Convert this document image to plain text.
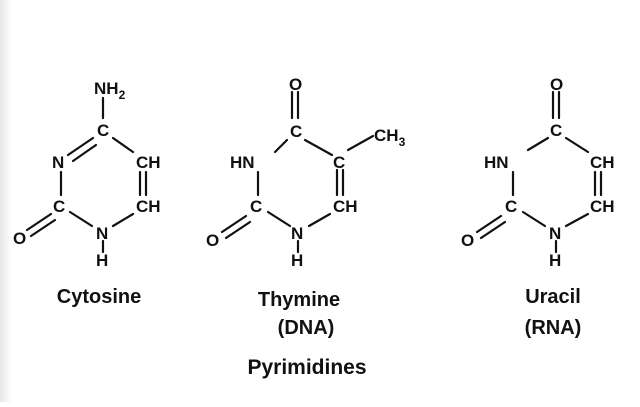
$NH_2$
C
N	CH
CH
C
O	N
H
Cytosine
O
C
HN	C
$CH_3$
CH
C
O	N
H
Thymine
(DNA)
O
C
HN	CH
CH
C
O	N
H
Uracil
(RNA)
Pyrimidines
